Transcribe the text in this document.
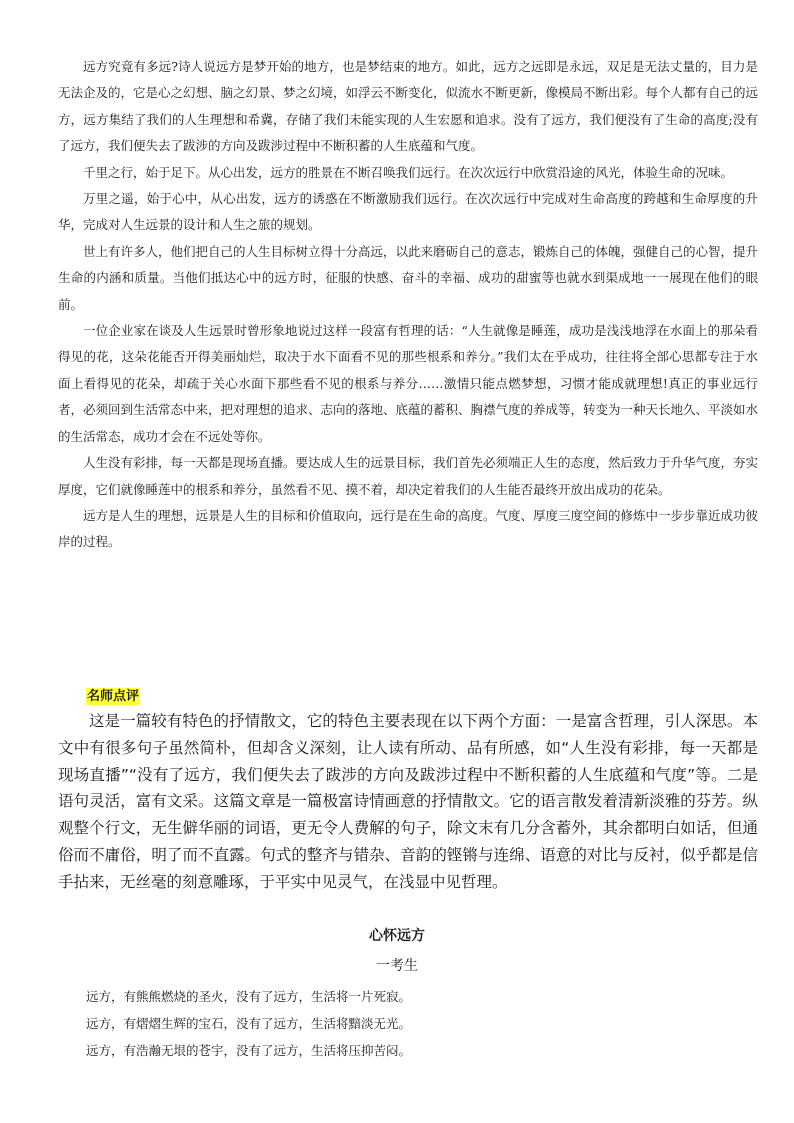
远方究竟有多远?诗人说远方是梦开始的地方，也是梦结束的地方。如此，远方之远即是永远，双足是无法丈量的，目力是无法企及的，它是心之幻想、脑之幻景、梦之幻境，如浮云不断变化，似流水不断更新，像模局不断出彩。每个人都有自己的远方，远方集结了我们的人生理想和希冀，存储了我们未能实现的人生宏愿和追求。没有了远方，我们便没有了生命的高度;没有了远方，我们便失去了跋涉的方向及跋涉过程中不断积蓄的人生底蕴和气度。

千里之行，始于足下。从心出发，远方的胜景在不断召唤我们远行。在次次远行中欣赏沿途的风光，体验生命的况味。

万里之遥，始于心中，从心出发，远方的诱惑在不断激励我们远行。在次次远行中完成对生命高度的跨越和生命厚度的升华，完成对人生远景的设计和人生之旅的规划。

世上有许多人，他们把自己的人生目标树立得十分高远，以此来磨砺自己的意志，锻炼自己的体魄，强健自己的心智，提升生命的内涵和质量。当他们抵达心中的远方时，征服的快感、奋斗的幸福、成功的甜蜜等也就水到渠成地一一展现在他们的眼前。

一位企业家在谈及人生远景时曾形象地说过这样一段富有哲理的话：“人生就像是睡莲，成功是浅浅地浮在水面上的那朵看得见的花，这朵花能否开得美丽灿烂，取决于水下面看不见的那些根系和养分。”我们太在乎成功，往往将全部心思都专注于水面上看得见的花朵，却疏于关心水面下那些看不见的根系与养分……激情只能点燃梦想，习惯才能成就理想!真正的事业远行者，必须回到生活常态中来，把对理想的追求、志向的落地、底蕴的蓄积、胸襟气度的养成等，转变为一种天长地久、平淡如水的生活常态，成功才会在不远处等你。

人生没有彩排，每一天都是现场直播。要达成人生的远景目标，我们首先必须端正人生的态度，然后致力于升华气度，夯实厚度，它们就像睡莲中的根系和养分，虽然看不见、摸不着，却决定着我们的人生能否最终开放出成功的花朵。

远方是人生的理想，远景是人生的目标和价值取向，远行是在生命的高度。气度、厚度三度空间的修炼中一步步靠近成功彼岸的过程。

名师点评

这是一篇较有特色的抒情散文，它的特色主要表现在以下两个方面：一是富含哲理，引人深思。本文中有很多句子虽然简朴，但却含义深刻，让人读有所动、品有所感，如“人生没有彩排，每一天都是现场直播”“没有了远方，我们便失去了跋涉的方向及跋涉过程中不断积蓄的人生底蕴和气度”等。二是语句灵活，富有文采。这篇文章是一篇极富诗情画意的抒情散文。它的语言散发着清新淡雅的芬芳。纵观整个行文，无生僻华丽的词语，更无令人费解的句子，除文末有几分含蓄外，其余都明白如话，但通俗而不庸俗，明了而不直露。句式的整齐与错杂、音韵的铿锵与连绵、语意的对比与反衬，似乎都是信手拈来，无丝毫的刻意雕琢，于平实中见灵气，在浅显中见哲理。

心怀远方
一考生
远方，有熊熊燃烧的圣火，没有了远方，生活将一片死寂。
远方，有熠熠生辉的宝石，没有了远方，生活将黯淡无光。
远方，有浩瀚无垠的苍宇，没有了远方，生活将压抑苦闷。
